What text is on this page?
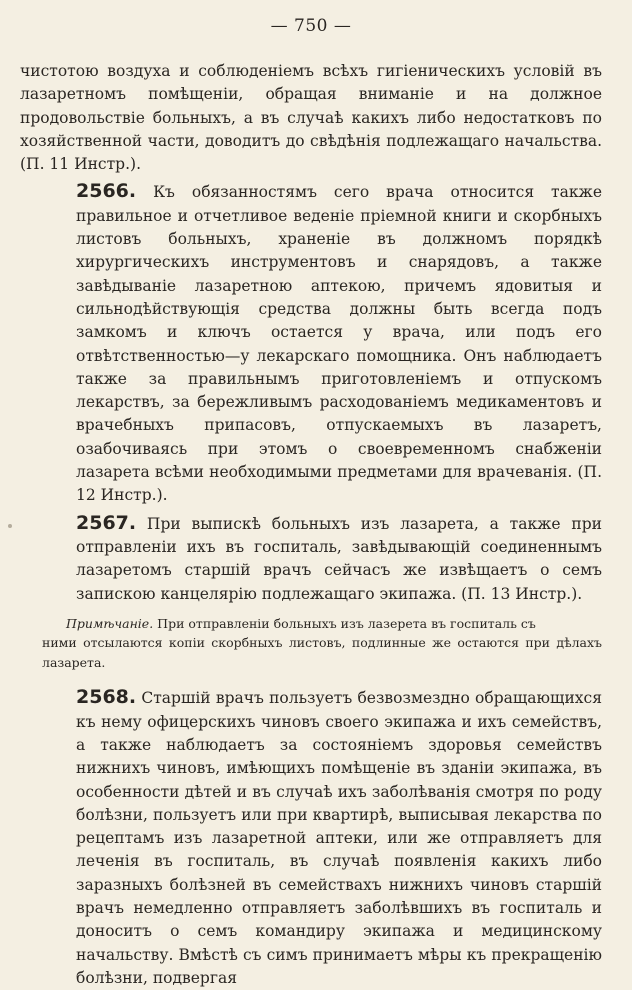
— 750 —

чистотою воздуха и соблюденіемъ всѣхъ гигіеническихъ условій въ лазаретномъ помѣщеніи, обращая вниманіе и на должное продовольствіе больныхъ, а въ случаѣ какихъ либо недостатковъ по хозяйственной части, доводитъ до свѣдѣнія подлежащаго начальства. (П. 11 Инстр.).

2566. Къ обязанностямъ сего врача относится также правильное и отчетливое веденіе пріемной книги и скорбныхъ листовъ больныхъ, храненіе въ должномъ порядкѣ хирургическихъ инструментовъ и снарядовъ, а также завѣдываніе лазаретною аптекою, причемъ ядовитыя и сильнодѣйствующія средства должны быть всегда подъ замкомъ и ключъ остается у врача, или подъ его отвѣтственностью—у лекарскаго помощника. Онъ наблюдаетъ также за правильнымъ приготовленіемъ и отпускомъ лекарствъ, за бережливымъ расходованіемъ медикаментовъ и врачебныхъ припасовъ, отпускаемыхъ въ лазаретъ, озабочиваясь при этомъ о своевременномъ снабженіи лазарета всѣми необходимыми предметами для врачеванія. (П. 12 Инстр.).

2567. При выпискѣ больныхъ изъ лазарета, а также при отправленіи ихъ въ госпиталь, завѣдывающій соединеннымъ лазаретомъ старшій врачъ сейчасъ же извѣщаетъ о семъ запискою канцелярію подлежащаго экипажа. (П. 13 Инстр.).

Примѣчаніе. При отправленіи больныхъ изъ лазерета въ госпиталь съ
ними отсылаются копіи скорбныхъ листовъ, подлинные же остаются при дѣлахъ лазарета.

2568. Старшій врачъ пользуетъ безвозмездно обращающихся къ нему офицерскихъ чиновъ своего экипажа и ихъ семействъ, а также наблюдаетъ за состояніемъ здоровья семействъ нижнихъ чиновъ, имѣющихъ помѣщеніе въ зданіи экипажа, въ особенности дѣтей и въ случаѣ ихъ заболѣванія смотря по роду болѣзни, пользуетъ или при квартирѣ, выписывая лекарства по рецептамъ изъ лазаретной аптеки, или же отправляетъ для леченія въ госпиталь, въ случаѣ появленія какихъ либо заразныхъ болѣзней въ семействахъ нижнихъ чиновъ старшій врачъ немедленно отправляетъ заболѣвшихъ въ госпиталь и доноситъ о семъ командиру экипажа и медицинскому начальству. Вмѣстѣ съ симъ принимаетъ мѣры къ прекращенію болѣзни, подвергая
